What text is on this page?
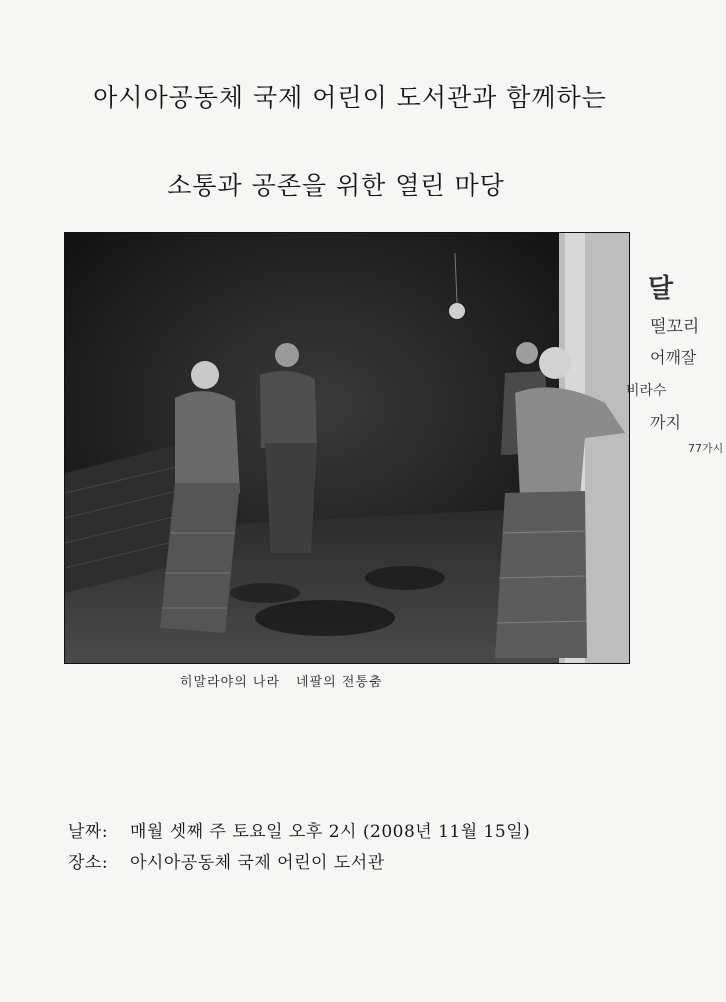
아시아공동체 국제 어린이 도서관과 함께하는
소통과 공존을 위한 열린 마당
히말라야의 나라 네팔의 전통춤
날짜: 매월 셋째 주 토요일 오후 2시 (2008년 11월 15일)
장소: 아시아공동체 국제 어린이 도서관
달
떨꼬리
어깨잘
비라수
까지
77가시
